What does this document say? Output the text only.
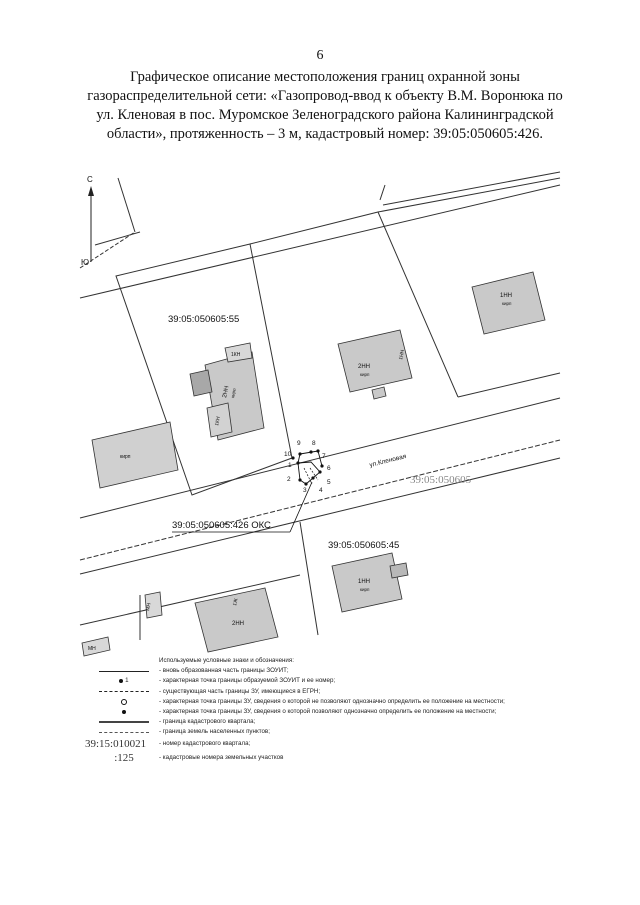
6
Графическое описание местоположения границ охранной зоны
газораспределительной сети: «Газопровод-ввод к объекту В.М. Воронюка по
ул. Кленовая в пос. Муромское Зеленоградского района Калининградской
области», протяженность – 3 м, кадастровый номер: 39:05:050605:426.
С
Ю
2НН кирп
1КН
1КН
2НН
кирп
1НН
1НН
кирп
кирп
1НН
кирп
2НН
1Ж
МН
МН
39:05:050605:55
39:05:050605:45
39:05:050605
ул.Кленовая
39:05:050605:426 ОКС
1
2
3 4
5
6
7
8
9
10
Используемые условные знаки и обозначения:
- вновь образованная часть границы ЗОУИТ;

1	- характерная точка границы образуемой ЗОУИТ и ее номер;
- существующая часть границы ЗУ, имеющиеся в ЕГРН;
- характерная точка границы ЗУ, сведения о которой не позволяют однозначно определить ее положение на местности;
- характерная точка границы ЗУ, сведения о которой позволяют однозначно определить ее положение на местности;
- граница кадастрового квартала;
- граница земель населенных пунктов;
39:15:010021	- номер кадастрового квартала;
:125	- кадастровые номера земельных участков
